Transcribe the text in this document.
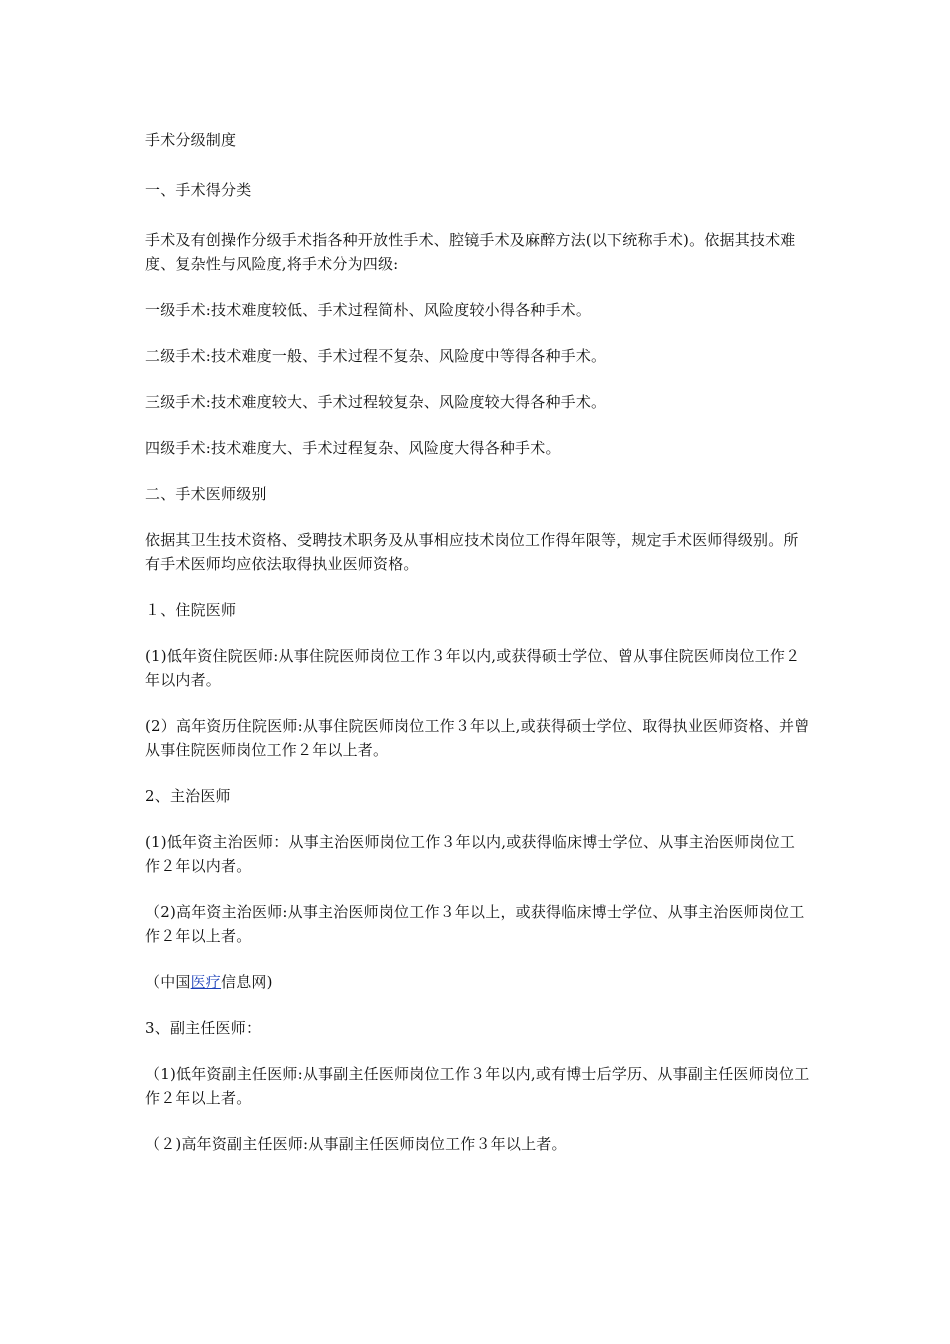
手术分级制度

一、手术得分类

手术及有创操作分级手术指各种开放性手术、腔镜手术及麻醉方法(以下统称手术)。依据其技术难度、复杂性与风险度,将手术分为四级:

一级手术:技术难度较低、手术过程简朴、风险度较小得各种手术。

二级手术:技术难度一般、手术过程不复杂、风险度中等得各种手术。

三级手术:技术难度较大、手术过程较复杂、风险度较大得各种手术。

四级手术:技术难度大、手术过程复杂、风险度大得各种手术。

二、手术医师级别

依据其卫生技术资格、受聘技术职务及从事相应技术岗位工作得年限等，规定手术医师得级别。所有手术医师均应依法取得执业医师资格。

１、住院医师

(1)低年资住院医师:从事住院医师岗位工作３年以内,或获得硕士学位、曾从事住院医师岗位工作２年以内者。

(2）高年资历住院医师:从事住院医师岗位工作３年以上,或获得硕士学位、取得执业医师资格、并曾从事住院医师岗位工作２年以上者。

2、主治医师

(1)低年资主治医师：从事主治医师岗位工作３年以内,或获得临床博士学位、从事主治医师岗位工作２年以内者。

（2)高年资主治医师:从事主治医师岗位工作３年以上，或获得临床博士学位、从事主治医师岗位工作２年以上者。

（中国医疗信息网)

3、副主任医师：

（1)低年资副主任医师:从事副主任医师岗位工作３年以内,或有博士后学历、从事副主任医师岗位工作２年以上者。

（２)高年资副主任医师:从事副主任医师岗位工作３年以上者。
